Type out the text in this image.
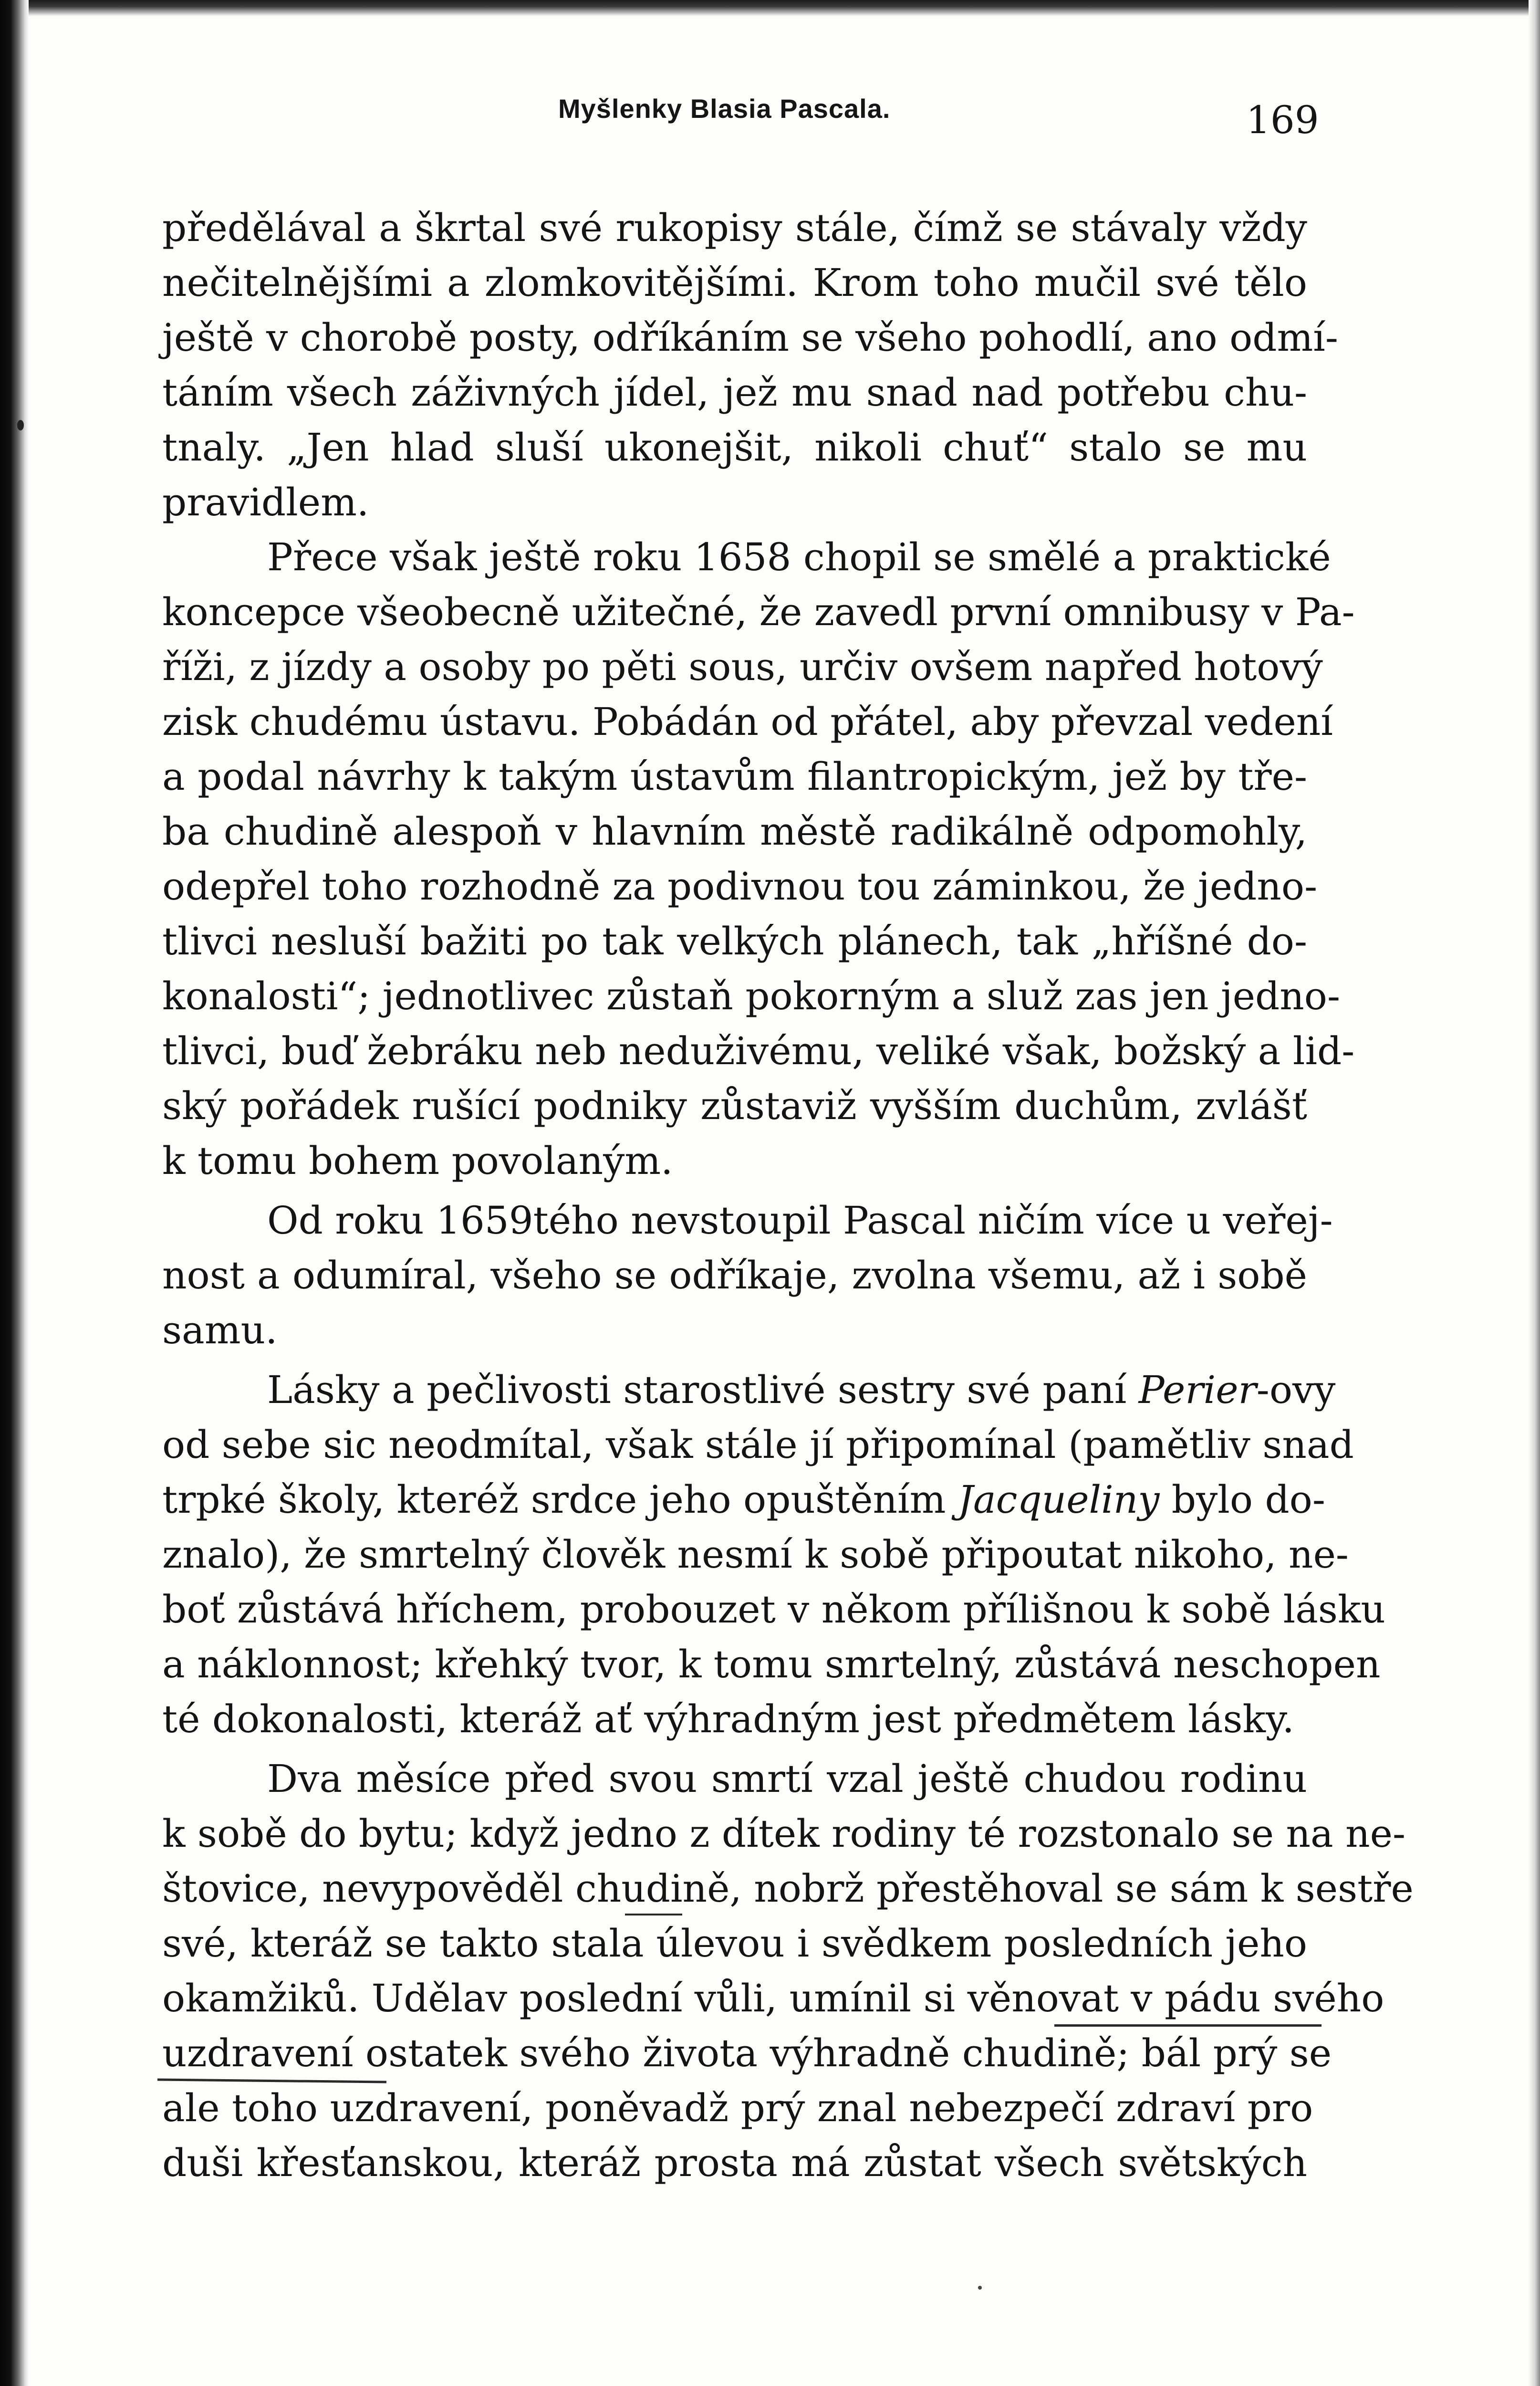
Myšlenky Blasia Pascala.	169
předělával a škrtal své rukopisy stále, čímž se stávaly vždy
nečitelnějšími a zlomkovitějšími. Krom toho mučil své tělo
ještě v chorobě posty, odříkáním se všeho pohodlí, ano odmí-
táním všech záživných jídel, jež mu snad nad potřebu chu-
tnaly. „Jen hlad sluší ukonejšit, nikoli chuť“ stalo se mu
pravidlem.
Přece však ještě roku 1658 chopil se smělé a praktické
koncepce všeobecně užitečné, že zavedl první omnibusy v Pa-
říži, z jízdy a osoby po pěti sous, určiv ovšem napřed hotový
zisk chudému ústavu. Pobádán od přátel, aby převzal vedení
a podal návrhy k takým ústavům filantropickým, jež by tře-
ba chudině alespoň v hlavním městě radikálně odpomohly,
odepřel toho rozhodně za podivnou tou záminkou, že jedno-
tlivci nesluší bažiti po tak velkých plánech, tak „hříšné do-
konalosti“; jednotlivec zůstaň pokorným a služ zas jen jedno-
tlivci, buď žebráku neb neduživému, veliké však, božský a lid-
ský pořádek rušící podniky zůstaviž vyšším duchům, zvlášť
k tomu bohem povolaným.
Od roku 1659tého nevstoupil Pascal ničím více u veřej-
nost a odumíral, všeho se odříkaje, zvolna všemu, až i sobě
samu.
Lásky a pečlivosti starostlivé sestry své paní Perier-ovy
od sebe sic neodmítal, však stále jí připomínal (pamětliv snad
trpké školy, kteréž srdce jeho opuštěním Jacqueliny bylo do-
znalo), že smrtelný člověk nesmí k sobě připoutat nikoho, ne-
boť zůstává hříchem, probouzet v někom přílišnou k sobě lásku
a náklonnost; křehký tvor, k tomu smrtelný, zůstává neschopen
té dokonalosti, kteráž ať výhradným jest předmětem lásky.
Dva měsíce před svou smrtí vzal ještě chudou rodinu
k sobě do bytu; když jedno z dítek rodiny té rozstonalo se na ne-
štovice, nevypověděl chudině, nobrž přestěhoval se sám k sestře
své, kteráž se takto stala úlevou i svědkem posledních jeho
okamžiků. Udělav poslední vůli, umínil si věnovat v pádu svého
uzdravení ostatek svého života výhradně chudině; bál prý se
ale toho uzdravení, poněvadž prý znal nebezpečí zdraví pro
duši křesťanskou, kteráž prosta má zůstat všech světských
